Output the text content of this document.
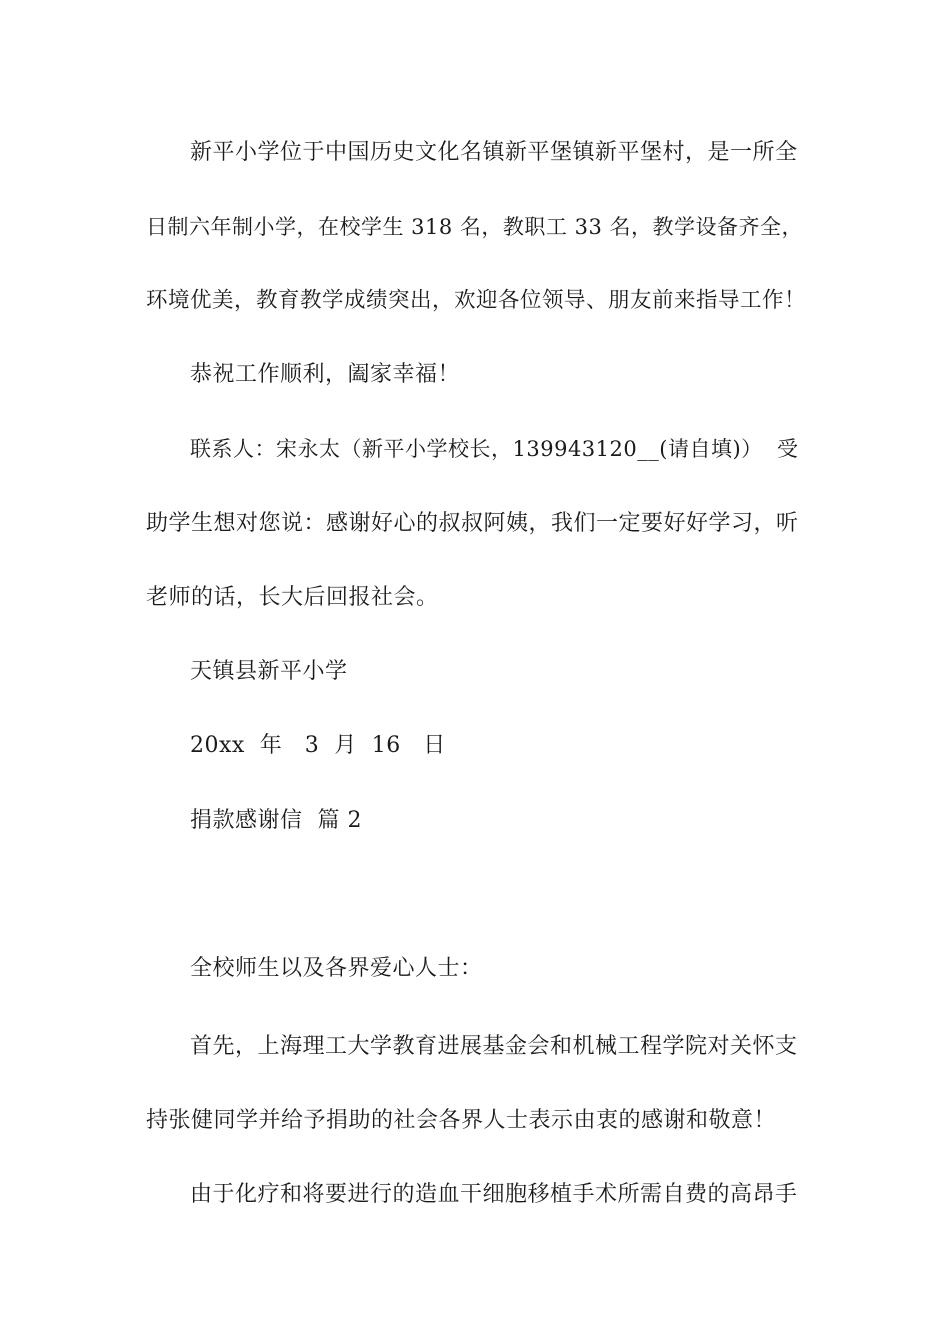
新平小学位于中国历史文化名镇新平堡镇新平堡村，是一所全
日制六年制小学，在校学生 318 名，教职工 33 名，教学设备齐全，
环境优美，教育教学成绩突出，欢迎各位领导、朋友前来指导工作！
恭祝工作顺利，阖家幸福！
联系人：宋永太（新平小学校长，139943120__(请自填)）  受
助学生想对您说：感谢好心的叔叔阿姨，我们一定要好好学习，听
老师的话，长大后回报社会。
天镇县新平小学
20xx  年   3  月  16   日
捐款感谢信  篇 2
全校师生以及各界爱心人士：
首先，上海理工大学教育进展基金会和机械工程学院对关怀支
持张健同学并给予捐助的社会各界人士表示由衷的感谢和敬意！
由于化疗和将要进行的造血干细胞移植手术所需自费的高昂手
